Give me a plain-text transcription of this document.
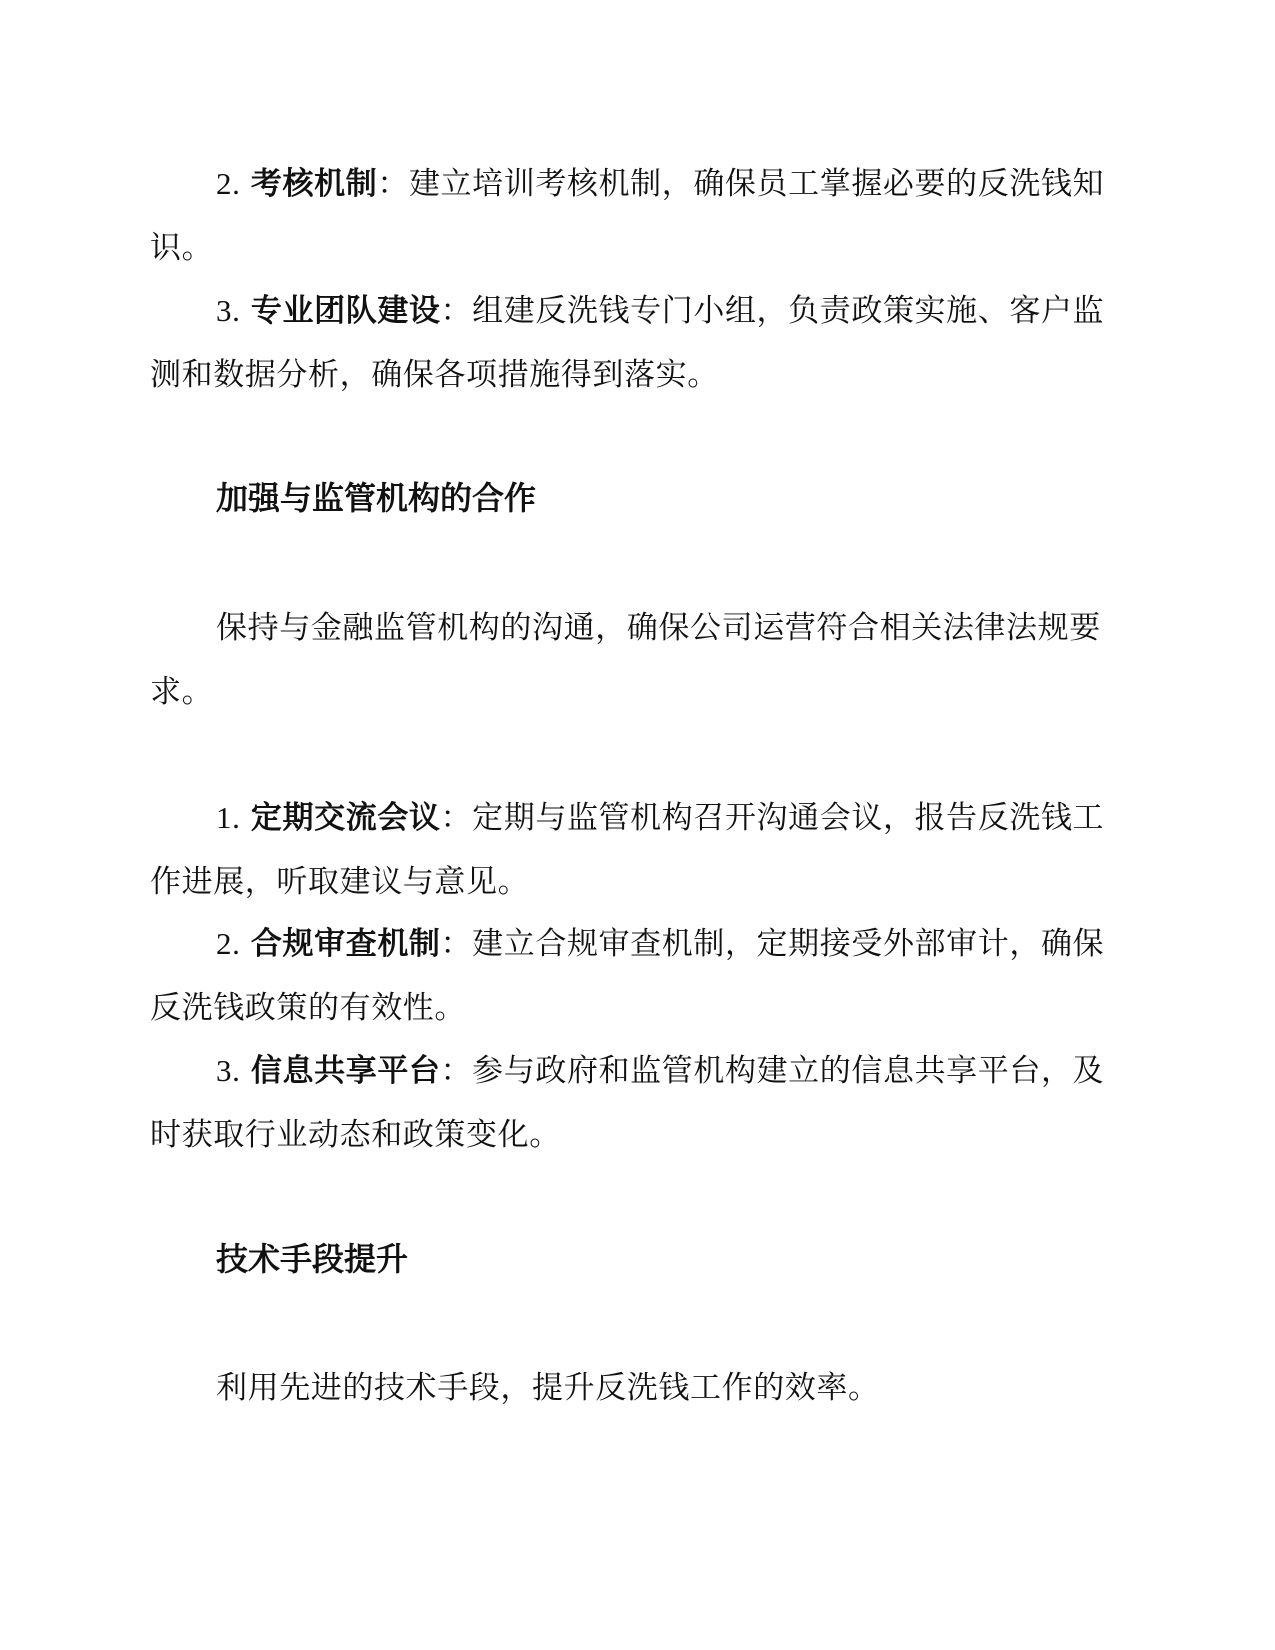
2. 考核机制：建立培训考核机制，确保员工掌握必要的反洗钱知识。

3. 专业团队建设：组建反洗钱专门小组，负责政策实施、客户监测和数据分析，确保各项措施得到落实。

加强与监管机构的合作

保持与金融监管机构的沟通，确保公司运营符合相关法律法规要求。

1. 定期交流会议：定期与监管机构召开沟通会议，报告反洗钱工作进展，听取建议与意见。

2. 合规审查机制：建立合规审查机制，定期接受外部审计，确保反洗钱政策的有效性。

3. 信息共享平台：参与政府和监管机构建立的信息共享平台，及时获取行业动态和政策变化。

技术手段提升

利用先进的技术手段，提升反洗钱工作的效率。
